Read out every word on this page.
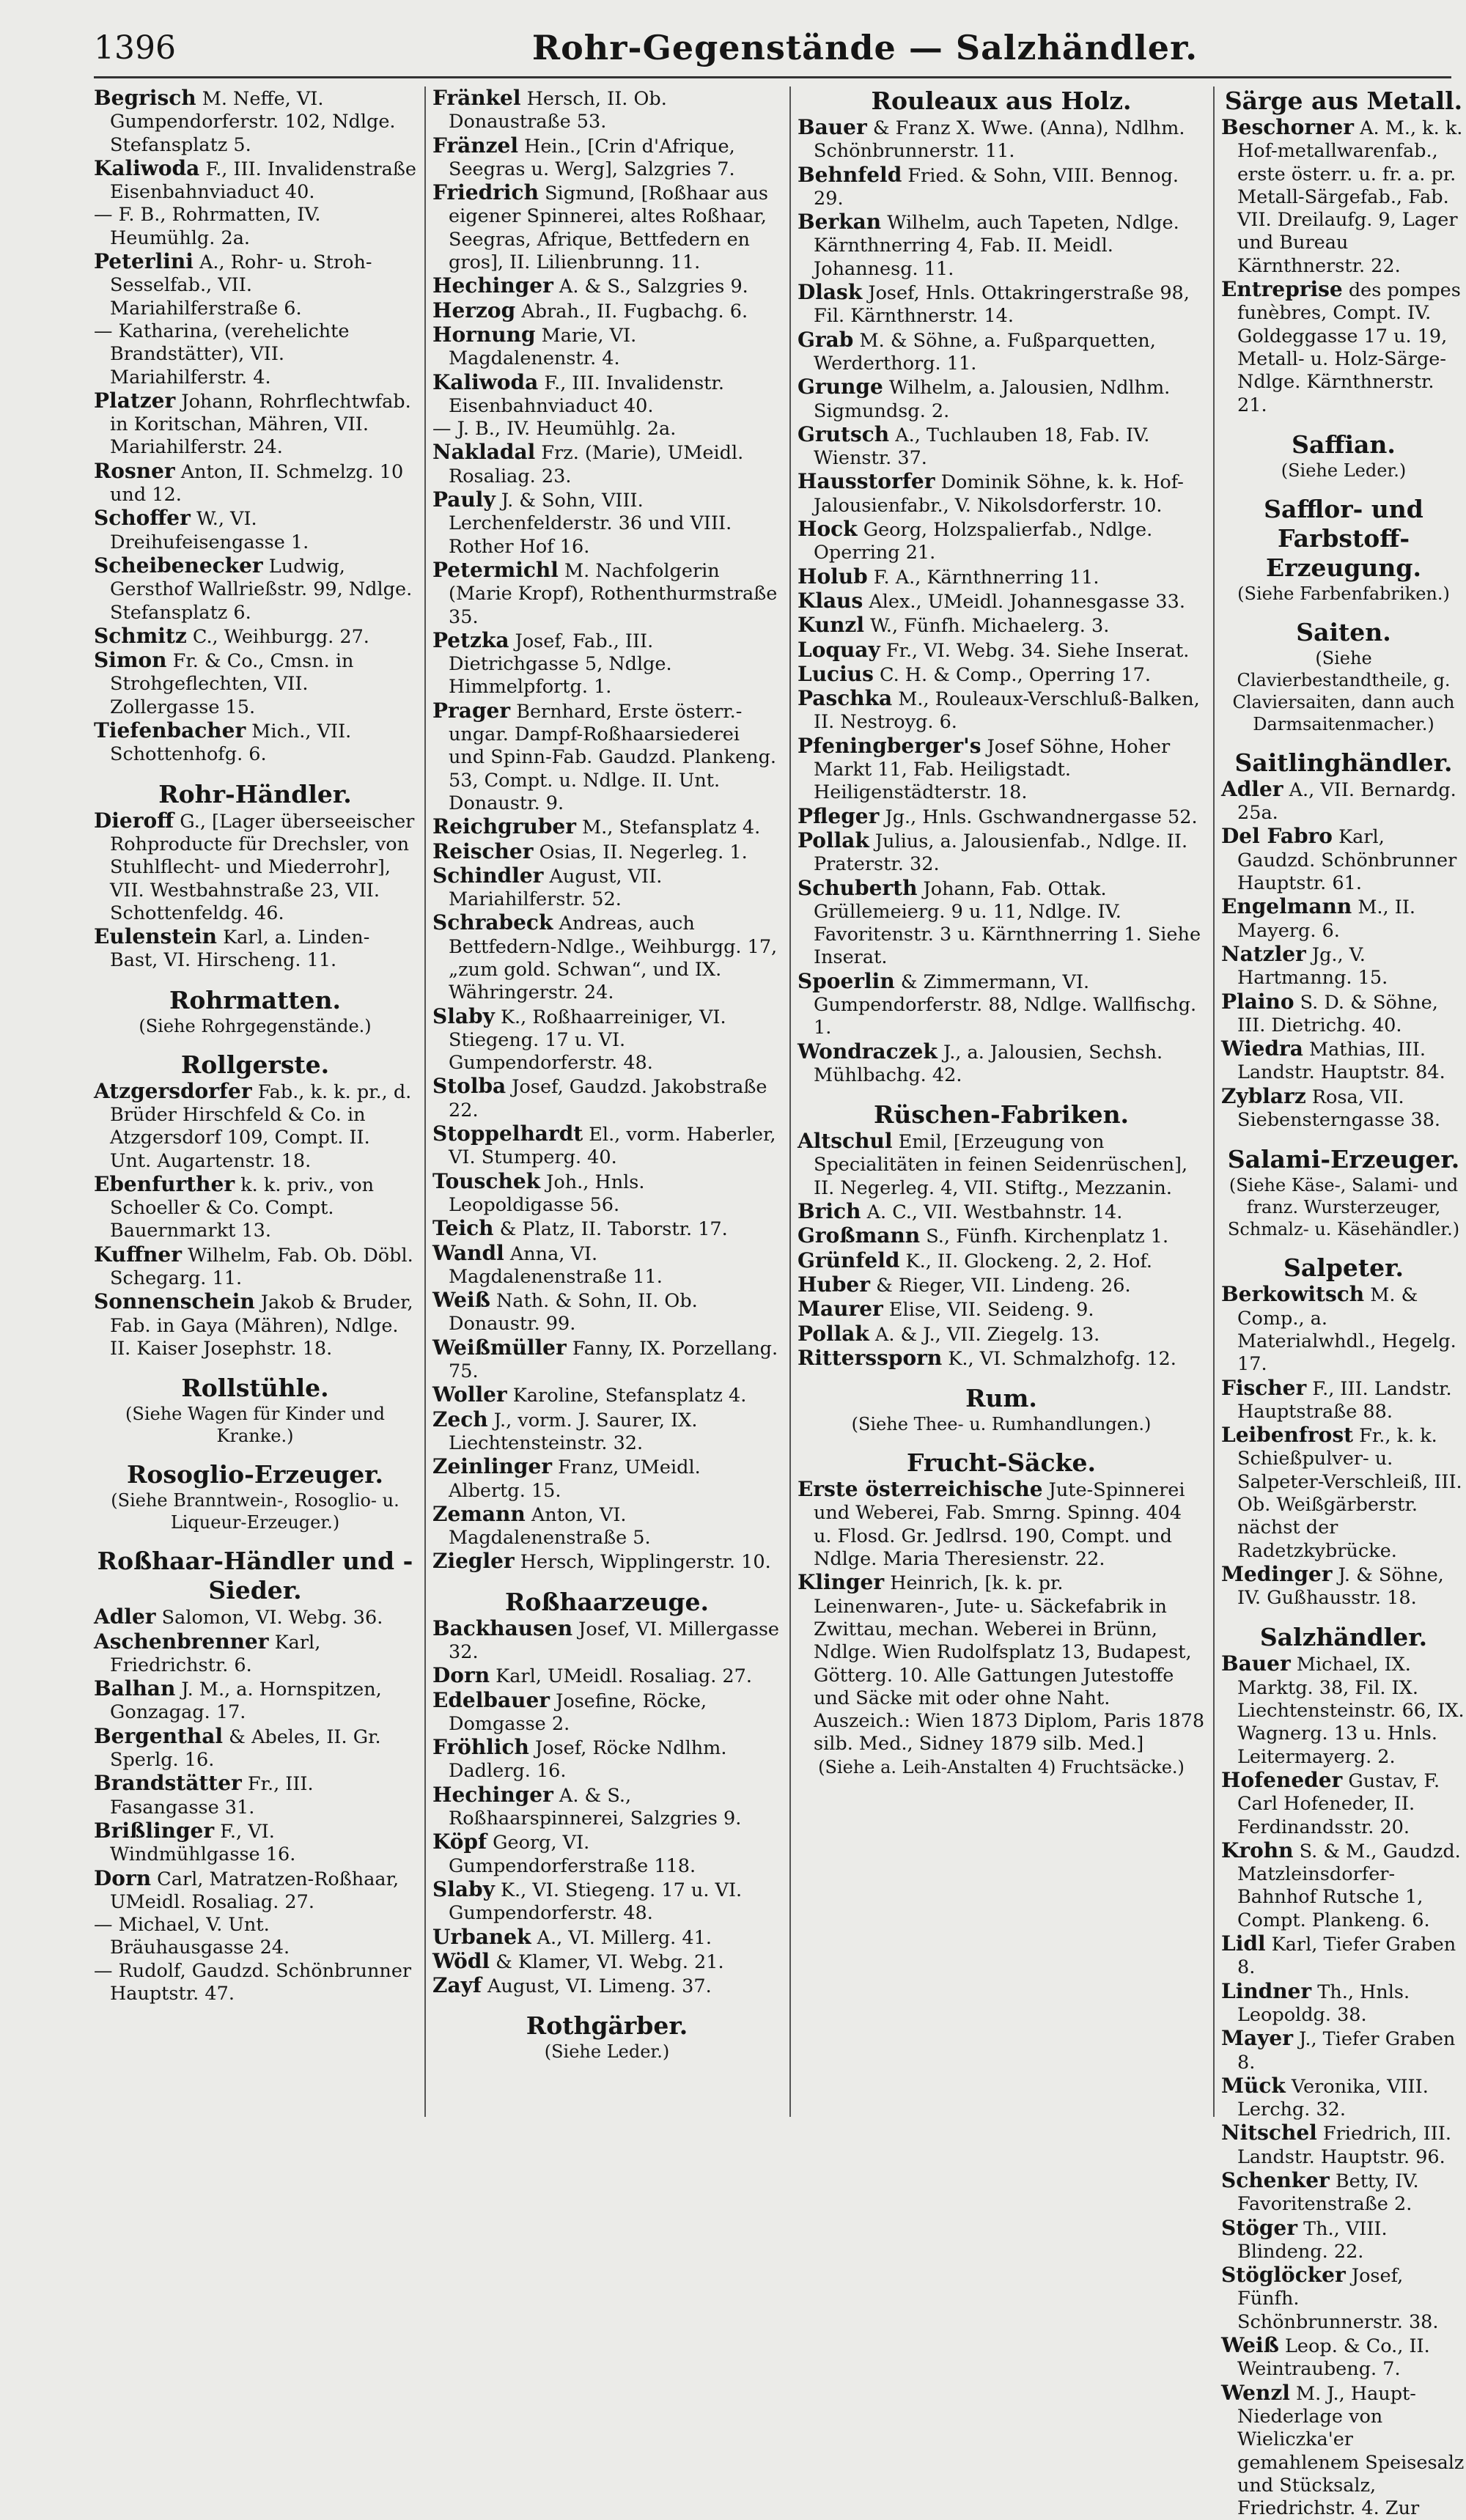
1396	Rohr-Gegenstände — Salzhändler.
Begrisch M. Neffe, VI. Gumpendorferstr. 102, Ndlge. Stefansplatz 5.
Kaliwoda F., III. Invalidenstraße Eisenbahnviaduct 40.
— F. B., Rohrmatten, IV. Heumühlg. 2a.
Peterlini A., Rohr- u. Stroh-Sesselfab., VII. Mariahilferstraße 6.
— Katharina, (verehelichte Brandstätter), VII. Mariahilferstr. 4.
Platzer Johann, Rohrflechtwfab. in Koritschan, Mähren, VII. Mariahilferstr. 24.
Rosner Anton, II. Schmelzg. 10 und 12.
Schoffer W., VI. Dreihufeisengasse 1.
Scheibenecker Ludwig, Gersthof Wallrießstr. 99, Ndlge. Stefansplatz 6.
Schmitz C., Weihburgg. 27.
Simon Fr. & Co., Cmsn. in Strohgeflechten, VII. Zollergasse 15.
Tiefenbacher Mich., VII. Schottenhofg. 6.
Rohr-Händler.
Dieroff G., [Lager überseeischer Rohproducte für Drechsler, von Stuhlflecht- und Miederrohr], VII. Westbahnstraße 23, VII. Schottenfeldg. 46.
Eulenstein Karl, a. Linden-Bast, VI. Hirscheng. 11.
Rohrmatten.
(Siehe Rohrgegenstände.)
Rollgerste.
Atzgersdorfer Fab., k. k. pr., d. Brüder Hirschfeld & Co. in Atzgersdorf 109, Compt. II. Unt. Augartenstr. 18.
Ebenfurther k. k. priv., von Schoeller & Co. Compt. Bauernmarkt 13.
Kuffner Wilhelm, Fab. Ob. Döbl. Schegarg. 11.
Sonnenschein Jakob & Bruder, Fab. in Gaya (Mähren), Ndlge. II. Kaiser Josephstr. 18.
Rollstühle.
(Siehe Wagen für Kinder und Kranke.)
Rosoglio-Erzeuger.
(Siehe Branntwein-, Rosoglio- u. Liqueur-Erzeuger.)
Roßhaar-Händler und -Sieder.
Adler Salomon, VI. Webg. 36.
Aschenbrenner Karl, Friedrichstr. 6.
Balhan J. M., a. Hornspitzen, Gonzagag. 17.
Bergenthal & Abeles, II. Gr. Sperlg. 16.
Brandstätter Fr., III. Fasangasse 31.
Brißlinger F., VI. Windmühlgasse 16.
Dorn Carl, Matratzen-Roßhaar, UMeidl. Rosaliag. 27.
— Michael, V. Unt. Bräuhausgasse 24.
— Rudolf, Gaudzd. Schönbrunner Hauptstr. 47.
Fränkel Hersch, II. Ob. Donaustraße 53.
Fränzel Hein., [Crin d'Afrique, Seegras u. Werg], Salzgries 7.
Friedrich Sigmund, [Roßhaar aus eigener Spinnerei, altes Roßhaar, Seegras, Afrique, Bettfedern en gros], II. Lilienbrunng. 11.
Hechinger A. & S., Salzgries 9.
Herzog Abrah., II. Fugbachg. 6.
Hornung Marie, VI. Magdalenenstr. 4.
Kaliwoda F., III. Invalidenstr. Eisenbahnviaduct 40.
— J. B., IV. Heumühlg. 2a.
Nakladal Frz. (Marie), UMeidl. Rosaliag. 23.
Pauly J. & Sohn, VIII. Lerchenfelderstr. 36 und VIII. Rother Hof 16.
Petermichl M. Nachfolgerin (Marie Kropf), Rothenthurmstraße 35.
Petzka Josef, Fab., III. Dietrichgasse 5, Ndlge. Himmelpfortg. 1.
Prager Bernhard, Erste österr.-ungar. Dampf-Roßhaarsiederei und Spinn-Fab. Gaudzd. Plankeng. 53, Compt. u. Ndlge. II. Unt. Donaustr. 9.
Reichgruber M., Stefansplatz 4.
Reischer Osias, II. Negerleg. 1.
Schindler August, VII. Mariahilferstr. 52.
Schrabeck Andreas, auch Bettfedern-Ndlge., Weihburgg. 17, „zum gold. Schwan“, und IX. Währingerstr. 24.
Slaby K., Roßhaarreiniger, VI. Stiegeng. 17 u. VI. Gumpendorferstr. 48.
Stolba Josef, Gaudzd. Jakobstraße 22.
Stoppelhardt El., vorm. Haberler, VI. Stumperg. 40.
Touschek Joh., Hnls. Leopoldigasse 56.
Teich & Platz, II. Taborstr. 17.
Wandl Anna, VI. Magdalenenstraße 11.
Weiß Nath. & Sohn, II. Ob. Donaustr. 99.
Weißmüller Fanny, IX. Porzellang. 75.
Woller Karoline, Stefansplatz 4.
Zech J., vorm. J. Saurer, IX. Liechtensteinstr. 32.
Zeinlinger Franz, UMeidl. Albertg. 15.
Zemann Anton, VI. Magdalenenstraße 5.
Ziegler Hersch, Wipplingerstr. 10.
Roßhaarzeuge.
Backhausen Josef, VI. Millergasse 32.
Dorn Karl, UMeidl. Rosaliag. 27.
Edelbauer Josefine, Röcke, Domgasse 2.
Fröhlich Josef, Röcke Ndlhm. Dadlerg. 16.
Hechinger A. & S., Roßhaarspinnerei, Salzgries 9.
Köpf Georg, VI. Gumpendorferstraße 118.
Slaby K., VI. Stiegeng. 17 u. VI. Gumpendorferstr. 48.
Urbanek A., VI. Millerg. 41.
Wödl & Klamer, VI. Webg. 21.
Zayf August, VI. Limeng. 37.
Rothgärber.
(Siehe Leder.)
Rouleaux aus Holz.
Bauer & Franz X. Wwe. (Anna), Ndlhm. Schönbrunnerstr. 11.
Behnfeld Fried. & Sohn, VIII. Bennog. 29.
Berkan Wilhelm, auch Tapeten, Ndlge. Kärnthnerring 4, Fab. II. Meidl. Johannesg. 11.
Dlask Josef, Hnls. Ottakringerstraße 98, Fil. Kärnthnerstr. 14.
Grab M. & Söhne, a. Fußparquetten, Werderthorg. 11.
Grunge Wilhelm, a. Jalousien, Ndlhm. Sigmundsg. 2.
Grutsch A., Tuchlauben 18, Fab. IV. Wienstr. 37.
Hausstorfer Dominik Söhne, k. k. Hof-Jalousienfabr., V. Nikolsdorferstr. 10.
Hock Georg, Holzspalierfab., Ndlge. Operring 21.
Holub F. A., Kärnthnerring 11.
Klaus Alex., UMeidl. Johannesgasse 33.
Kunzl W., Fünfh. Michaelerg. 3.
Loquay Fr., VI. Webg. 34. Siehe Inserat.
Lucius C. H. & Comp., Operring 17.
Paschka M., Rouleaux-Verschluß-Balken, II. Nestroyg. 6.
Pfeningberger's Josef Söhne, Hoher Markt 11, Fab. Heiligstadt. Heiligenstädterstr. 18.
Pfleger Jg., Hnls. Gschwandnergasse 52.
Pollak Julius, a. Jalousienfab., Ndlge. II. Praterstr. 32.
Schuberth Johann, Fab. Ottak. Grüllemeierg. 9 u. 11, Ndlge. IV. Favoritenstr. 3 u. Kärnthnerring 1. Siehe Inserat.
Spoerlin & Zimmermann, VI. Gumpendorferstr. 88, Ndlge. Wallfischg. 1.
Wondraczek J., a. Jalousien, Sechsh. Mühlbachg. 42.
Rüschen-Fabriken.
Altschul Emil, [Erzeugung von Specialitäten in feinen Seidenrüschen], II. Negerleg. 4, VII. Stiftg., Mezzanin.
Brich A. C., VII. Westbahnstr. 14.
Großmann S., Fünfh. Kirchenplatz 1.
Grünfeld K., II. Glockeng. 2, 2. Hof.
Huber & Rieger, VII. Lindeng. 26.
Maurer Elise, VII. Seideng. 9.
Pollak A. & J., VII. Ziegelg. 13.
Ritterssporn K., VI. Schmalzhofg. 12.
Rum.
(Siehe Thee- u. Rumhandlungen.)
Frucht-Säcke.
Erste österreichische Jute-Spinnerei und Weberei, Fab. Smrng. Spinng. 404 u. Flosd. Gr. Jedlrsd. 190, Compt. und Ndlge. Maria Theresienstr. 22.
Klinger Heinrich, [k. k. pr. Leinenwaren-, Jute- u. Säckefabrik in Zwittau, mechan. Weberei in Brünn, Ndlge. Wien Rudolfsplatz 13, Budapest, Götterg. 10. Alle Gattungen Jutestoffe und Säcke mit oder ohne Naht. Auszeich.: Wien 1873 Diplom, Paris 1878 silb. Med., Sidney 1879 silb. Med.]
(Siehe a. Leih-Anstalten 4) Fruchtsäcke.)
Särge aus Metall.
Beschorner A. M., k. k. Hof-metallwarenfab., erste österr. u. fr. a. pr. Metall-Särgefab., Fab. VII. Dreilaufg. 9, Lager und Bureau Kärnthnerstr. 22.
Entreprise des pompes funèbres, Compt. IV. Goldeggasse 17 u. 19, Metall- u. Holz-Särge-Ndlge. Kärnthnerstr. 21.
Saffian.
(Siehe Leder.)
Safflor- und Farbstoff-Erzeugung.
(Siehe Farbenfabriken.)
Saiten.
(Siehe Clavierbestandtheile, g. Claviersaiten, dann auch Darmsaitenmacher.)
Saitlinghändler.
Adler A., VII. Bernardg. 25a.
Del Fabro Karl, Gaudzd. Schönbrunner Hauptstr. 61.
Engelmann M., II. Mayerg. 6.
Natzler Jg., V. Hartmanng. 15.
Plaino S. D. & Söhne, III. Dietrichg. 40.
Wiedra Mathias, III. Landstr. Hauptstr. 84.
Zyblarz Rosa, VII. Siebensterngasse 38.
Salami-Erzeuger.
(Siehe Käse-, Salami- und franz. Wursterzeuger, Schmalz- u. Käsehändler.)
Salpeter.
Berkowitsch M. & Comp., a. Materialwhdl., Hegelg. 17.
Fischer F., III. Landstr. Hauptstraße 88.
Leibenfrost Fr., k. k. Schießpulver- u. Salpeter-Verschleiß, III. Ob. Weißgärberstr. nächst der Radetzkybrücke.
Medinger J. & Söhne, IV. Gußhausstr. 18.
Salzhändler.
Bauer Michael, IX. Marktg. 38, Fil. IX. Liechtensteinstr. 66, IX. Wagnerg. 13 u. Hnls. Leitermayerg. 2.
Hofeneder Gustav, F. Carl Hofeneder, II. Ferdinandsstr. 20.
Krohn S. & M., Gaudzd. Matzleinsdorfer-Bahnhof Rutsche 1, Compt. Plankeng. 6.
Lidl Karl, Tiefer Graben 8.
Lindner Th., Hnls. Leopoldg. 38.
Mayer J., Tiefer Graben 8.
Mück Veronika, VIII. Lerchg. 32.
Nitschel Friedrich, III. Landstr. Hauptstr. 96.
Schenker Betty, IV. Favoritenstraße 2.
Stöger Th., VIII. Blindeng. 22.
Stöglöcker Josef, Fünfh. Schönbrunnerstr. 38.
Weiß Leop. & Co., II. Weintraubeng. 7.
Wenzl M. J., Haupt-Niederlage von Wieliczka'er gemahlenem Speisesalz und Stücksalz, Friedrichstr. 4. Zur
